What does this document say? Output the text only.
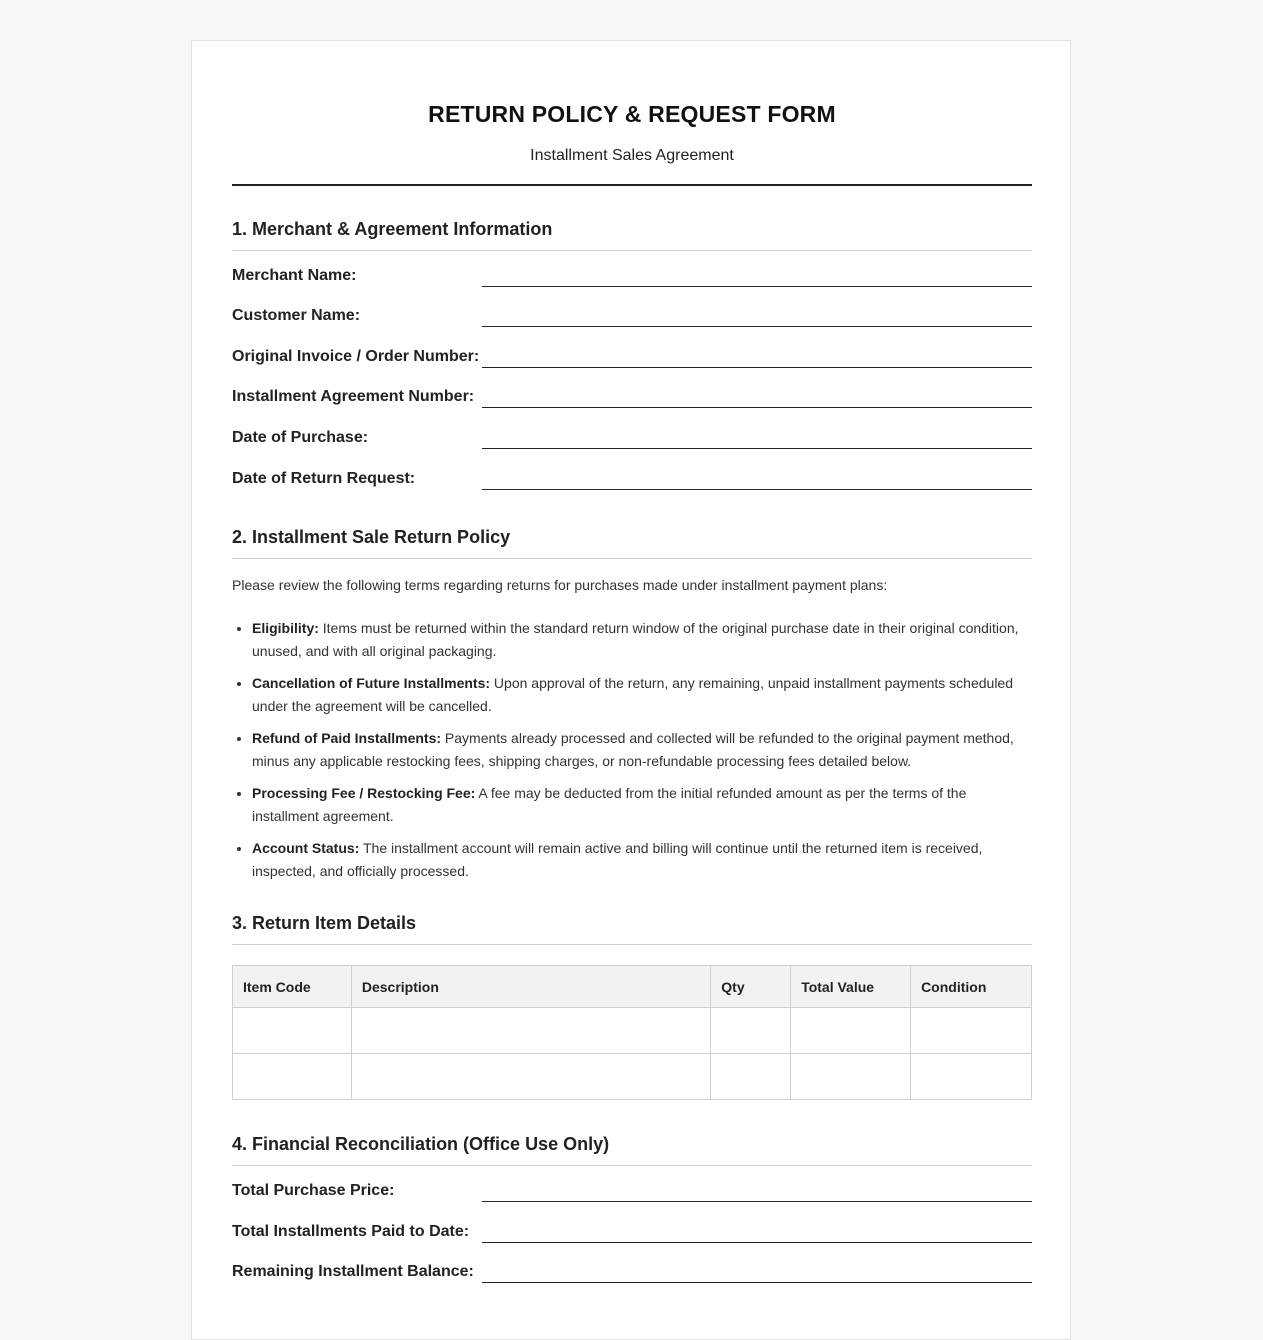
RETURN POLICY & REQUEST FORM
Installment Sales Agreement
1. Merchant & Agreement Information
Merchant Name:
Customer Name:
Original Invoice / Order Number:
Installment Agreement Number:
Date of Purchase:
Date of Return Request:
2. Installment Sale Return Policy
Please review the following terms regarding returns for purchases made under installment payment plans:
• Eligibility: Items must be returned within the standard return window of the original purchase date in their original condition, unused, and with all original packaging.
• Cancellation of Future Installments: Upon approval of the return, any remaining, unpaid installment payments scheduled under the agreement will be cancelled.
• Refund of Paid Installments: Payments already processed and collected will be refunded to the original payment method, minus any applicable restocking fees, shipping charges, or non-refundable processing fees detailed below.
• Processing Fee / Restocking Fee: A fee may be deducted from the initial refunded amount as per the terms of the installment agreement.
• Account Status: The installment account will remain active and billing will continue until the returned item is received, inspected, and officially processed.
3. Return Item Details
Item Code	Description	Qty	Total Value	Condition

4. Financial Reconciliation (Office Use Only)
Total Purchase Price:
Total Installments Paid to Date:
Remaining Installment Balance:
